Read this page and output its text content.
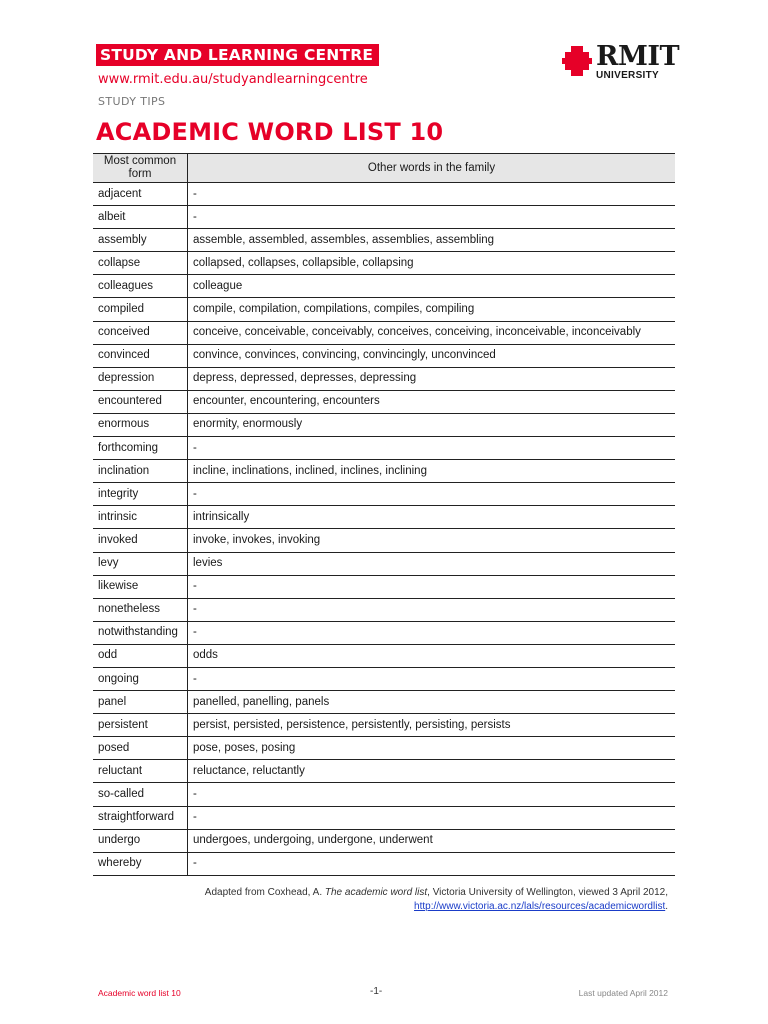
STUDY AND LEARNING CENTRE
www.rmit.edu.au/studyandlearningcentre
STUDY TIPS
ACADEMIC WORD LIST 10
RMIT
UNIVERSITY
Most common form	Other words in the family
adjacent	-
albeit	-
assembly	assemble, assembled, assembles, assemblies, assembling
collapse	collapsed, collapses, collapsible, collapsing
colleagues	colleague
compiled	compile, compilation, compilations, compiles, compiling
conceived	conceive, conceivable, conceivably, conceives, conceiving, inconceivable, inconceivably
convinced	convince, convinces, convincing, convincingly, unconvinced
depression	depress, depressed, depresses, depressing
encountered	encounter, encountering, encounters
enormous	enormity, enormously
forthcoming	-
inclination	incline, inclinations, inclined, inclines, inclining
integrity	-
intrinsic	intrinsically
invoked	invoke, invokes, invoking
levy	levies
likewise	-
nonetheless	-
notwithstanding	-
odd	odds
ongoing	-
panel	panelled, panelling, panels
persistent	persist, persisted, persistence, persistently, persisting, persists
posed	pose, poses, posing
reluctant	reluctance, reluctantly
so-called	-
straightforward	-
undergo	undergoes, undergoing, undergone, underwent
whereby	-
Adapted from Coxhead, A. The academic word list, Victoria University of Wellington, viewed 3 April 2012,
http://www.victoria.ac.nz/lals/resources/academicwordlist.
Academic word list 10	-1-	Last updated April 2012
